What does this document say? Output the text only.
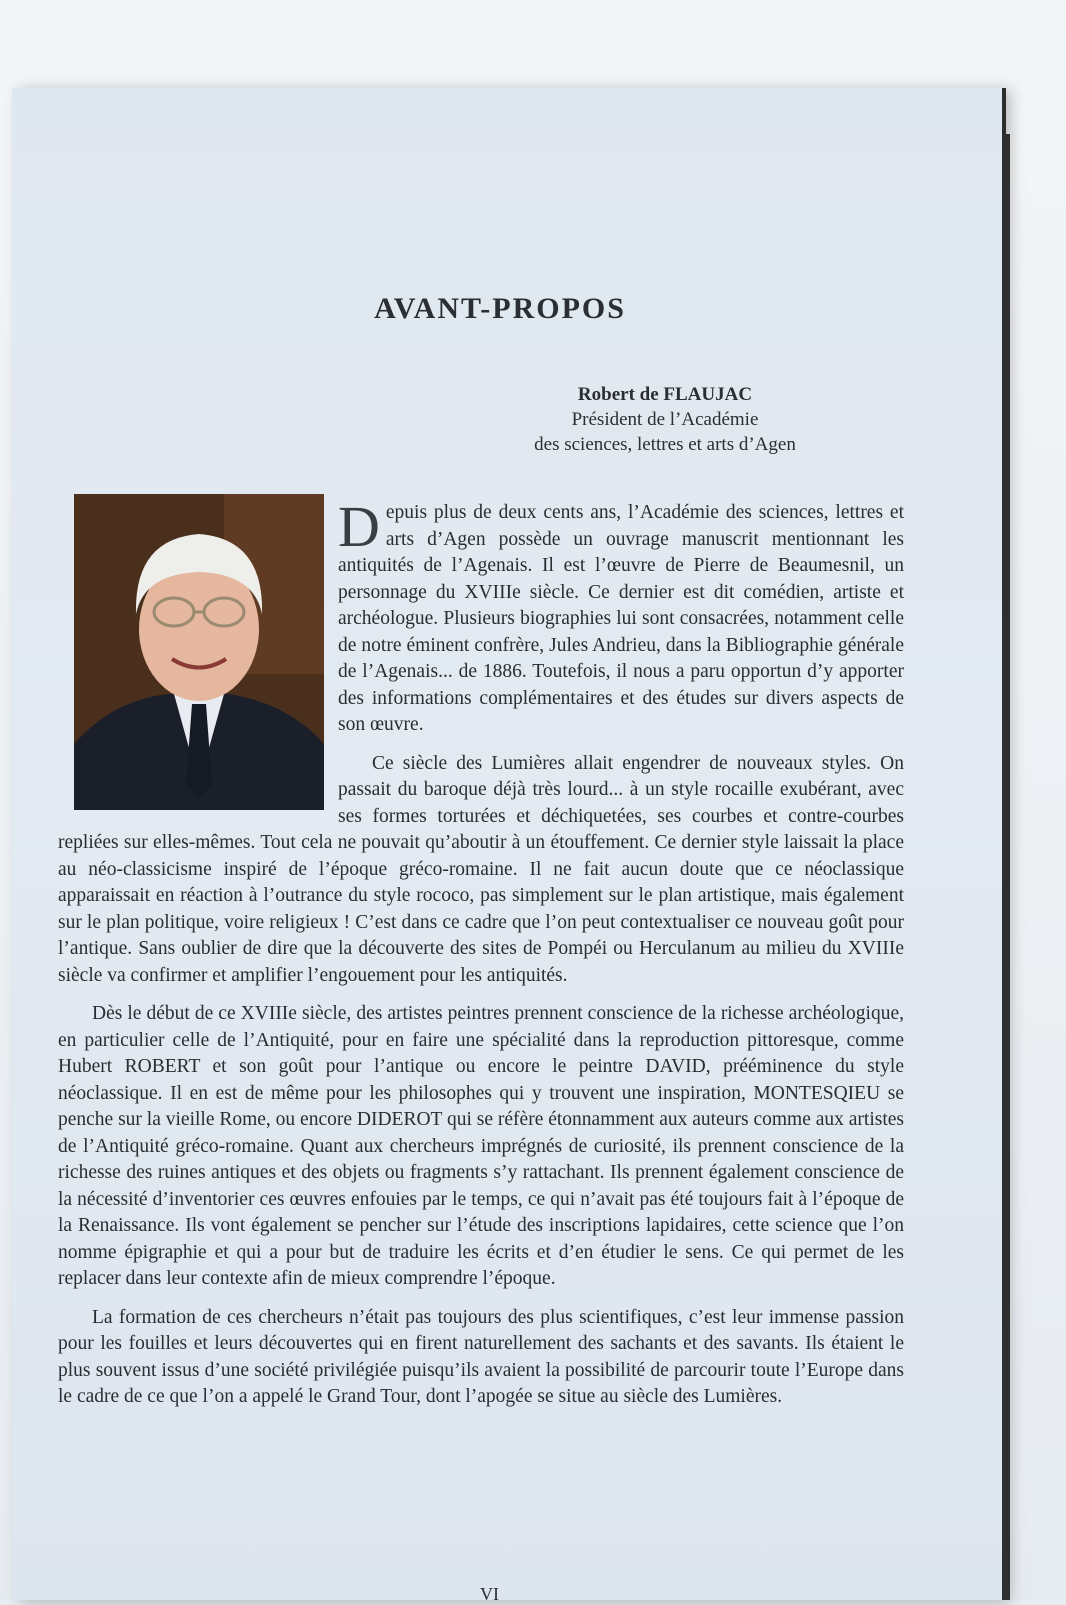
AVANT-PROPOS
Robert de FLAUJAC
Président de l’Académie
des sciences, lettres et arts d’Agen

Depuis plus de deux cents ans, l’Académie des sciences, lettres et arts d’Agen possède un ouvrage manuscrit mentionnant les antiquités de l’Agenais. Il est l’œuvre de Pierre de Beaumesnil, un personnage du XVIIIe siècle. Ce dernier est dit comédien, artiste et archéologue. Plusieurs biographies lui sont consacrées, notamment celle de notre éminent confrère, Jules Andrieu, dans la Bibliographie générale de l’Agenais... de 1886. Toutefois, il nous a paru opportun d’y apporter des informations complémentaires et des études sur divers aspects de son œuvre.

Ce siècle des Lumières allait engendrer de nouveaux styles. On passait du baroque déjà très lourd... à un style rocaille exubérant, avec ses formes torturées et déchiquetées, ses courbes et contre-courbes repliées sur elles-mêmes. Tout cela ne pouvait qu’aboutir à un étouffement. Ce dernier style laissait la place au néo-classicisme inspiré de l’époque gréco-romaine. Il ne fait aucun doute que ce néoclassique apparaissait en réaction à l’outrance du style rococo, pas simplement sur le plan artistique, mais également sur le plan politique, voire religieux ! C’est dans ce cadre que l’on peut contextualiser ce nouveau goût pour l’antique. Sans oublier de dire que la découverte des sites de Pompéi ou Herculanum au milieu du XVIIIe siècle va confirmer et amplifier l’engouement pour les antiquités.

Dès le début de ce XVIIIe siècle, des artistes peintres prennent conscience de la richesse archéologique, en particulier celle de l’Antiquité, pour en faire une spécialité dans la reproduction pittoresque, comme Hubert ROBERT et son goût pour l’antique ou encore le peintre DAVID, prééminence du style néoclassique. Il en est de même pour les philosophes qui y trouvent une inspiration, MONTESQIEU se penche sur la vieille Rome, ou encore DIDEROT qui se réfère étonnamment aux auteurs comme aux artistes de l’Antiquité gréco-romaine. Quant aux chercheurs imprégnés de curiosité, ils prennent conscience de la richesse des ruines antiques et des objets ou fragments s’y rattachant. Ils prennent également conscience de la nécessité d’inventorier ces œuvres enfouies par le temps, ce qui n’avait pas été toujours fait à l’époque de la Renaissance. Ils vont également se pencher sur l’étude des inscriptions lapidaires, cette science que l’on nomme épigraphie et qui a pour but de traduire les écrits et d’en étudier le sens. Ce qui permet de les replacer dans leur contexte afin de mieux comprendre l’époque.

La formation de ces chercheurs n’était pas toujours des plus scientifiques, c’est leur immense passion pour les fouilles et leurs découvertes qui en firent naturellement des sachants et des savants. Ils étaient le plus souvent issus d’une société privilégiée puisqu’ils avaient la possibilité de parcourir toute l’Europe dans le cadre de ce que l’on a appelé le Grand Tour, dont l’apogée se situe au siècle des Lumières.

VI
